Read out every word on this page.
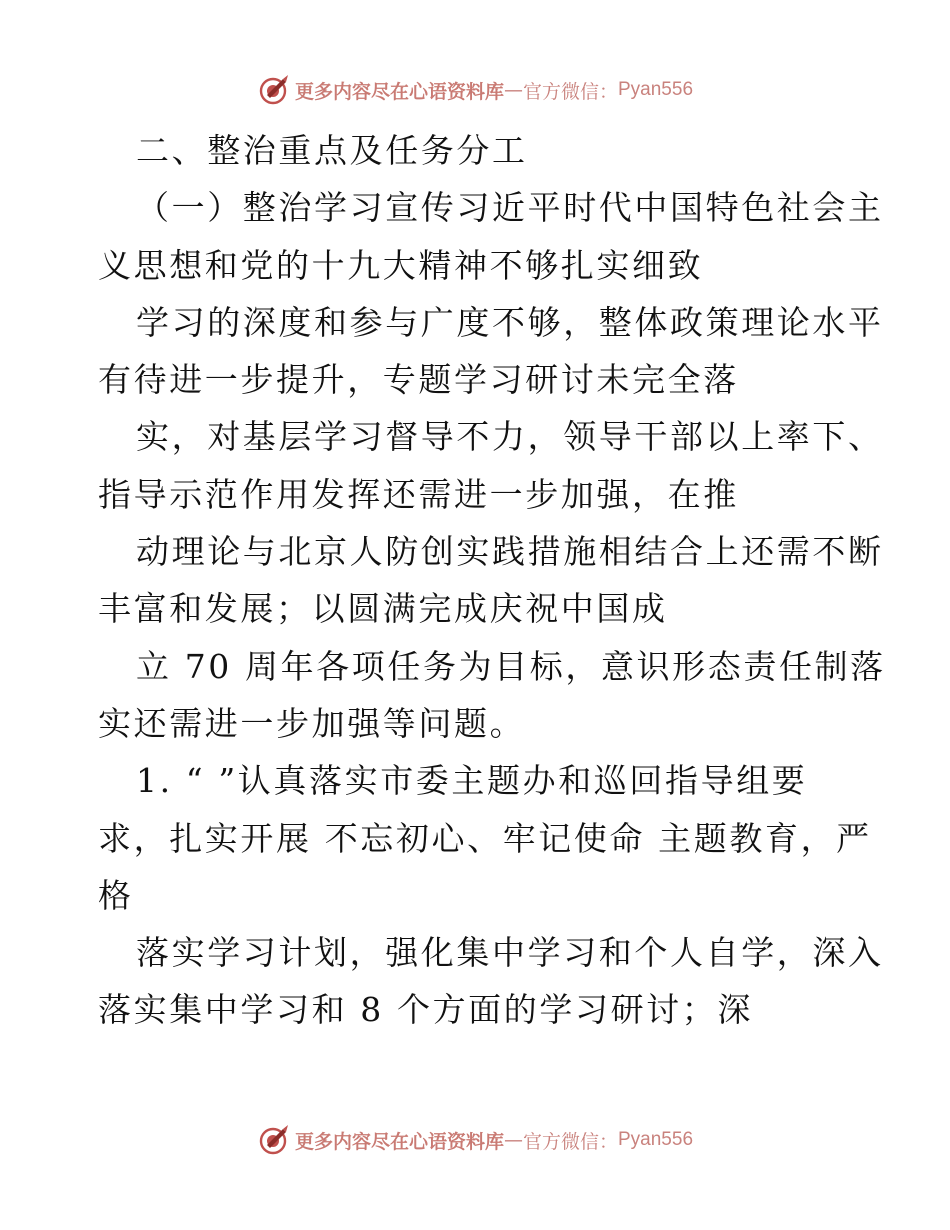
更多内容尽在心语资料库 — 官方微信： Pyan556
二、整治重点及任务分工
（一）整治学习宣传习近平时代中国特色社会主
义思想和党的十九大精神不够扎实细致
学习的深度和参与广度不够，整体政策理论水平
有待进一步提升，专题学习研讨未完全落
实，对基层学习督导不力，领导干部以上率下、
指导示范作用发挥还需进一步加强，在推
动理论与北京人防创实践措施相结合上还需不断
丰富和发展；以圆满完成庆祝中国成
立 70 周年各项任务为目标，意识形态责任制落
实还需进一步加强等问题。
1. “ ”认真落实市委主题办和巡回指导组要
求，扎实开展 不忘初心、牢记使命 主题教育，严
格
落实学习计划，强化集中学习和个人自学，深入
落实集中学习和 8 个方面的学习研讨；深
更多内容尽在心语资料库 — 官方微信： Pyan556
